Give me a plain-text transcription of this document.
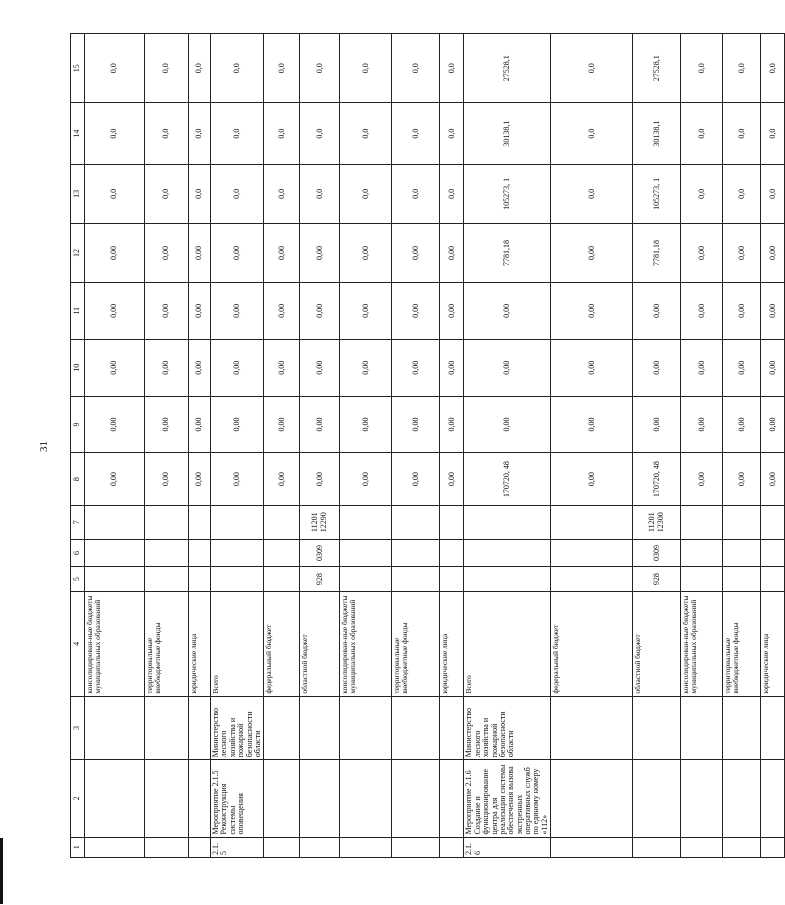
31
1	2	3	4	5	6	7	8	9	10	11	12	13	14	15
			консолидирован-ные бюджеты муниципальных образований				0,00	0,00	0,00	0,00	0,00	0,0	0,0	0,0
			территориальные внебюджетные фонды				0,00	0,00	0,00	0,00	0,00	0,0	0,0	0,0
			юридические лица				0,00	0,00	0,00	0,00	0,00	0,0	0,0	0,0
2.1.5	Мероприятие 2.1.5 Реконструкция системы оповещения	Министерство лесного хозяйства и пожарной безопасности области	Всего				0,00	0,00	0,00	0,00	0,00	0,0	0,0	0,0
			федеральный бюджет				0,00	0,00	0,00	0,00	0,00	0,0	0,0	0,0
			областной бюджет	928	0309	11201 12290	0,00	0,00	0,00	0,00	0,00	0,0	0,0	0,0
			консолидирован-ные бюджеты муниципальных образований				0,00	0,00	0,00	0,00	0,00	0,0	0,0	0,0
			территориальные внебюджетные фонды				0,00	0,00	0,00	0,00	0,00	0,0	0,0	0,0
			юридические лица				0,00	0,00	0,00	0,00	0,00	0,0	0,0	0,0
2.1.6	Мероприятие 2.1.6 Создание и функционирование центра для реализации системы обеспечения вызова экстренных оперативных служб по единому номеру «112»	Министерство лесного хозяйства и пожарной безопасности области	Всего				170720, 48	0,00	0,00	0,00	7781,18	105273, 1	30138,1	27528,1
			федеральный бюджет				0,00	0,00	0,00	0,00	0,00	0,0	0,0	0,0
			областной бюджет	928	0309	11201 12300	170720, 48	0,00	0,00	0,00	7781,18	105273, 1	30138,1	27528,1
			консолидирован-ные бюджеты муниципальных образований				0,00	0,00	0,00	0,00	0,00	0,0	0,0	0,0
			территориальные внебюджетные фонды				0,00	0,00	0,00	0,00	0,00	0,0	0,0	0,0
			юридические лица				0,00	0,00	0,00	0,00	0,00	0,0	0,0	0,0
